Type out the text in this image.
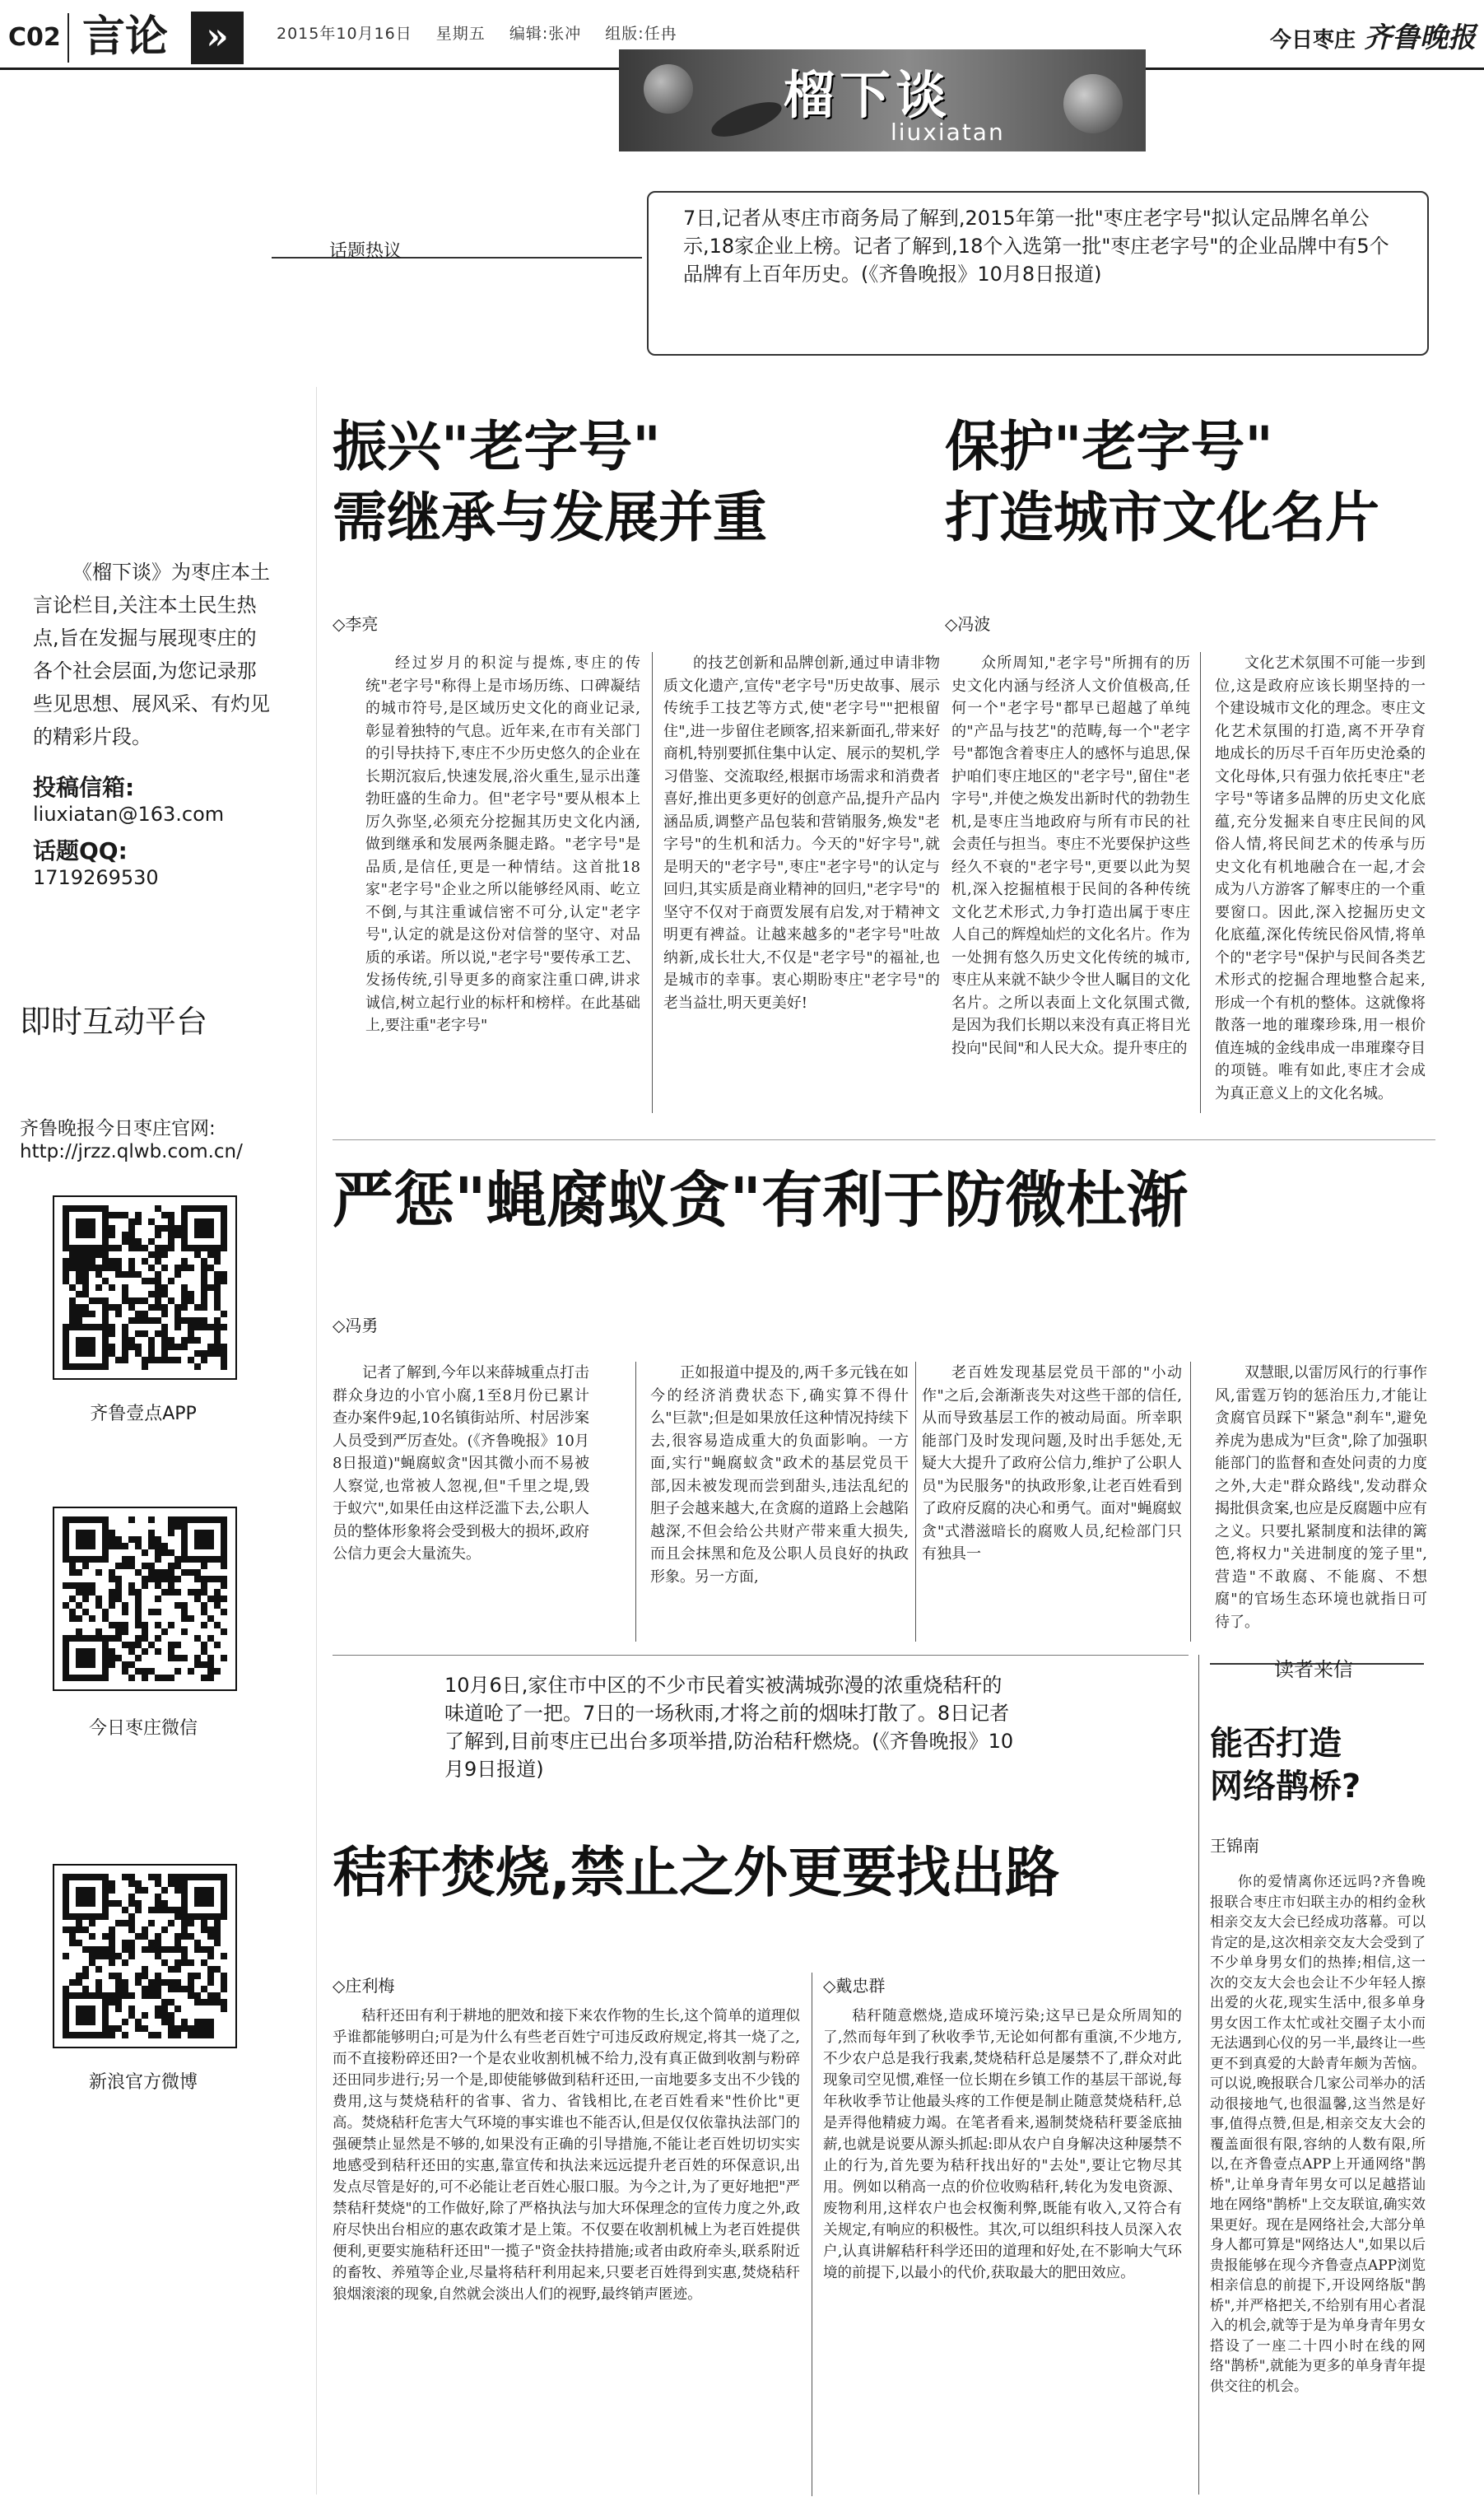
C02 言论	»	2015年10月16日 星期五 编辑:张冲 组版:任冉	今日枣庄 齐鲁晚报
榴下谈
liuxiatan
话题热议
7日,记者从枣庄市商务局了解到,2015年第一批"枣庄老字号"拟认定品牌名单公示,18家企业上榜。记者了解到,18个入选第一批"枣庄老字号"的企业品牌中有5个品牌有上百年历史。(《齐鲁晚报》10月8日报道)
《榴下谈》为枣庄本土言论栏目,关注本土民生热点,旨在发掘与展现枣庄的各个社会层面,为您记录那些见思想、展风采、有灼见的精彩片段。
投稿信箱:
liuxiatan@163.com
话题QQ:
1719269530
即时互动平台
齐鲁晚报今日枣庄官网:
http://jrzz.qlwb.com.cn/
齐鲁壹点APP
今日枣庄微信
新浪官方微博
振兴"老字号"
需继承与发展并重
◇李亮
经过岁月的积淀与提炼,枣庄的传统"老字号"称得上是市场历练、口碑凝结的城市符号,是区域历史文化的商业记录,彰显着独特的气息。近年来,在市有关部门的引导扶持下,枣庄不少历史悠久的企业在长期沉寂后,快速发展,浴火重生,显示出蓬勃旺盛的生命力。但"老字号"要从根本上厉久弥坚,必须充分挖掘其历史文化内涵,做到继承和发展两条腿走路。"老字号"是品质,是信任,更是一种情结。这首批18家"老字号"企业之所以能够经风雨、屹立不倒,与其注重诚信密不可分,认定"老字号",认定的就是这份对信誉的坚守、对品质的承诺。所以说,"老字号"要传承工艺、发扬传统,引导更多的商家注重口碑,讲求诚信,树立起行业的标杆和榜样。在此基础上,要注重"老字号"
的技艺创新和品牌创新,通过申请非物质文化遗产,宣传"老字号"历史故事、展示传统手工技艺等方式,使"老字号""把根留住",进一步留住老顾客,招来新面孔,带来好商机,特别要抓住集中认定、展示的契机,学习借鉴、交流取经,根据市场需求和消费者喜好,推出更多更好的创意产品,提升产品内涵品质,调整产品包装和营销服务,焕发"老字号"的生机和活力。今天的"好字号",就是明天的"老字号",枣庄"老字号"的认定与回归,其实质是商业精神的回归,"老字号"的坚守不仅对于商贾发展有启发,对于精神文明更有裨益。让越来越多的"老字号"吐故纳新,成长壮大,不仅是"老字号"的福祉,也是城市的幸事。衷心期盼枣庄"老字号"的老当益壮,明天更美好!
保护"老字号"
打造城市文化名片
◇冯波
众所周知,"老字号"所拥有的历史文化内涵与经济人文价值极高,任何一个"老字号"都早已超越了单纯的"产品与技艺"的范畴,每一个"老字号"都饱含着枣庄人的感怀与追思,保护咱们枣庄地区的"老字号",留住"老字号",并使之焕发出新时代的勃勃生机,是枣庄当地政府与所有市民的社会责任与担当。枣庄不光要保护这些经久不衰的"老字号",更要以此为契机,深入挖掘植根于民间的各种传统文化艺术形式,力争打造出属于枣庄人自己的辉煌灿烂的文化名片。作为一处拥有悠久历史文化传统的城市,枣庄从来就不缺少令世人瞩目的文化名片。之所以表面上文化氛围式微,是因为我们长期以来没有真正将目光投向"民间"和人民大众。提升枣庄的
文化艺术氛围不可能一步到位,这是政府应该长期坚持的一个建设城市文化的理念。枣庄文化艺术氛围的打造,离不开孕育地成长的历尽千百年历史沧桑的文化母体,只有强力依托枣庄"老字号"等诸多品牌的历史文化底蕴,充分发掘来自枣庄民间的风俗人情,将民间艺术的传承与历史文化有机地融合在一起,才会成为八方游客了解枣庄的一个重要窗口。因此,深入挖掘历史文化底蕴,深化传统民俗风情,将单个的"老字号"保护与民间各类艺术形式的挖掘合理地整合起来,形成一个有机的整体。这就像将散落一地的璀璨珍珠,用一根价值连城的金线串成一串璀璨夺目的项链。唯有如此,枣庄才会成为真正意义上的文化名城。
严惩"蝇腐蚁贪"有利于防微杜渐
◇冯勇
记者了解到,今年以来薛城重点打击群众身边的小官小腐,1至8月份已累计查办案件9起,10名镇街站所、村居涉案人员受到严厉查处。(《齐鲁晚报》10月8日报道)"蝇腐蚁贪"因其微小而不易被人察觉,也常被人忽视,但"千里之堤,毁于蚁穴",如果任由这样泛滥下去,公职人员的整体形象将会受到极大的损坏,政府公信力更会大量流失。
正如报道中提及的,两千多元钱在如今的经济消费状态下,确实算不得什么"巨款";但是如果放任这种情况持续下去,很容易造成重大的负面影响。一方面,实行"蝇腐蚁贪"政术的基层党员干部,因未被发现而尝到甜头,违法乱纪的胆子会越来越大,在贪腐的道路上会越陷越深,不但会给公共财产带来重大损失,而且会抹黑和危及公职人员良好的执政形象。另一方面,
老百姓发现基层党员干部的"小动作"之后,会渐渐丧失对这些干部的信任,从而导致基层工作的被动局面。所幸职能部门及时发现问题,及时出手惩处,无疑大大提升了政府公信力,维护了公职人员"为民服务"的执政形象,让老百姓看到了政府反腐的决心和勇气。面对"蝇腐蚁贪"式潜滋暗长的腐败人员,纪检部门只有独具一
双慧眼,以雷厉风行的行事作风,雷霆万钧的惩治压力,才能让贪腐官员踩下"紧急"刹车",避免养虎为患成为"巨贪",除了加强职能部门的监督和查处问责的力度之外,大走"群众路线",发动群众揭批俱贪案,也应是反腐题中应有之义。只要扎紧制度和法律的篱笆,将权力"关进制度的笼子里",营造"不敢腐、不能腐、不想腐"的官场生态环境也就指日可待了。
10月6日,家住市中区的不少市民着实被满城弥漫的浓重烧秸秆的味道呛了一把。7日的一场秋雨,才将之前的烟味打散了。8日记者了解到,目前枣庄已出台多项举措,防治秸秆燃烧。(《齐鲁晚报》10月9日报道)
秸秆焚烧,禁止之外更要找出路
◇庄利梅
秸秆还田有利于耕地的肥效和接下来农作物的生长,这个简单的道理似乎谁都能够明白;可是为什么有些老百姓宁可违反政府规定,将其一烧了之,而不直接粉碎还田?一个是农业收割机械不给力,没有真正做到收割与粉碎还田同步进行;另一个是,即使能够做到秸秆还田,一亩地要多支出不少钱的费用,这与焚烧秸秆的省事、省力、省钱相比,在老百姓看来"性价比"更高。焚烧秸秆危害大气环境的事实谁也不能否认,但是仅仅依靠执法部门的强硬禁止显然是不够的,如果没有正确的引导措施,不能让老百姓切切实实地感受到秸秆还田的实惠,靠宣传和执法来远远提升老百姓的环保意识,出发点尽管是好的,可不必能让老百姓心服口服。为今之计,为了更好地把"严禁秸秆焚烧"的工作做好,除了严格执法与加大环保理念的宣传力度之外,政府尽快出台相应的惠农政策才是上策。不仅要在收割机械上为老百姓提供便利,更要实施秸秆还田"一揽子"资金扶持措施;或者由政府牵头,联系附近的畜牧、养殖等企业,尽量将秸秆利用起来,只要老百姓得到实惠,焚烧秸秆狼烟滚滚的现象,自然就会淡出人们的视野,最终销声匿迹。
◇戴忠群
秸秆随意燃烧,造成环境污染;这早已是众所周知的了,然而每年到了秋收季节,无论如何都有重演,不少地方,不少农户总是我行我素,焚烧秸秆总是屡禁不了,群众对此现象司空见惯,难怪一位长期在乡镇工作的基层干部说,每年秋收季节让他最头疼的工作便是制止随意焚烧秸秆,总是弄得他精疲力竭。在笔者看来,遏制焚烧秸秆要釜底抽薪,也就是说要从源头抓起:即从农户自身解决这种屡禁不止的行为,首先要为秸秆找出好的"去处",要让它物尽其用。例如以稍高一点的价位收购秸秆,转化为发电资源、废物利用,这样农户也会权衡利弊,既能有收入,又符合有关规定,有响应的积极性。其次,可以组织科技人员深入农户,认真讲解秸秆科学还田的道理和好处,在不影响大气环境的前提下,以最小的代价,获取最大的肥田效应。
读者来信
能否打造
网络鹊桥?
王锦南
你的爱情离你还远吗?齐鲁晚报联合枣庄市妇联主办的相约金秋相亲交友大会已经成功落幕。可以肯定的是,这次相亲交友大会受到了不少单身男女们的热捧;相信,这一次的交友大会也会让不少年轻人擦出爱的火花,现实生活中,很多单身男女因工作太忙或社交圈子太小而无法遇到心仪的另一半,最终让一些更不到真爱的大龄青年颇为苦恼。可以说,晚报联合几家公司举办的活动很接地气,也很温馨,这当然是好事,值得点赞,但是,相亲交友大会的覆盖面很有限,容纳的人数有限,所以,在齐鲁壹点APP上开通网络"鹊桥",让单身青年男女可以足越搭讪地在网络"鹊桥"上交友联谊,确实效果更好。现在是网络社会,大部分单身人都可算是"网络达人",如果以后贵报能够在现今齐鲁壹点APP浏览相亲信息的前提下,开设网络版"鹊桥",并严格把关,不给别有用心者混入的机会,就等于是为单身青年男女搭设了一座二十四小时在线的网络"鹊桥",就能为更多的单身青年提供交往的机会。
